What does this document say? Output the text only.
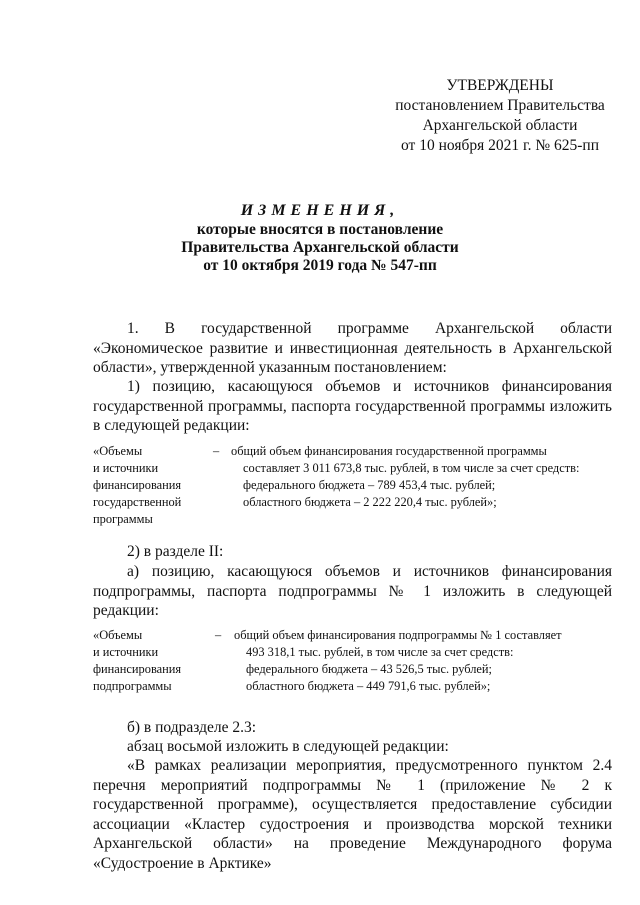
УТВЕРЖДЕНЫ
постановлением Правительства
Архангельской области
от 10 ноября 2021 г. № 625-пп
ИЗМЕНЕНИЯ,
которые вносятся в постановление
Правительства Архангельской области
от 10 октября 2019 года № 547-пп
1. В государственной программе Архангельской области «Экономическое развитие и инвестиционная деятельность в Архангельской области», утвержденной указанным постановлением:
1) позицию, касающуюся объемов и источников финансирования государственной программы, паспорта государственной программы изложить в следующей редакции:
«Объемы
и источники
финансирования
государственной
программы
– общий объем финансирования государственной программы
составляет 3 011 673,8 тыс. рублей, в том числе за счет средств:
федерального бюджета – 789 453,4 тыс. рублей;
областного бюджета – 2 222 220,4 тыс. рублей»;
2) в разделе II:
а) позицию, касающуюся объемов и источников финансирования подпрограммы, паспорта подпрограммы № 1 изложить в следующей редакции:
«Объемы
и источники
финансирования
подпрограммы
– общий объем финансирования подпрограммы № 1 составляет
493 318,1 тыс. рублей, в том числе за счет средств:
федерального бюджета – 43 526,5 тыс. рублей;
областного бюджета – 449 791,6 тыс. рублей»;
б) в подразделе 2.3:
абзац восьмой изложить в следующей редакции:
«В рамках реализации мероприятия, предусмотренного пунктом 2.4 перечня мероприятий подпрограммы № 1 (приложение № 2 к государственной программе), осуществляется предоставление субсидии ассоциации «Кластер судостроения и производства морской техники Архангельской области» на проведение Международного форума «Судостроение в Арктике»
